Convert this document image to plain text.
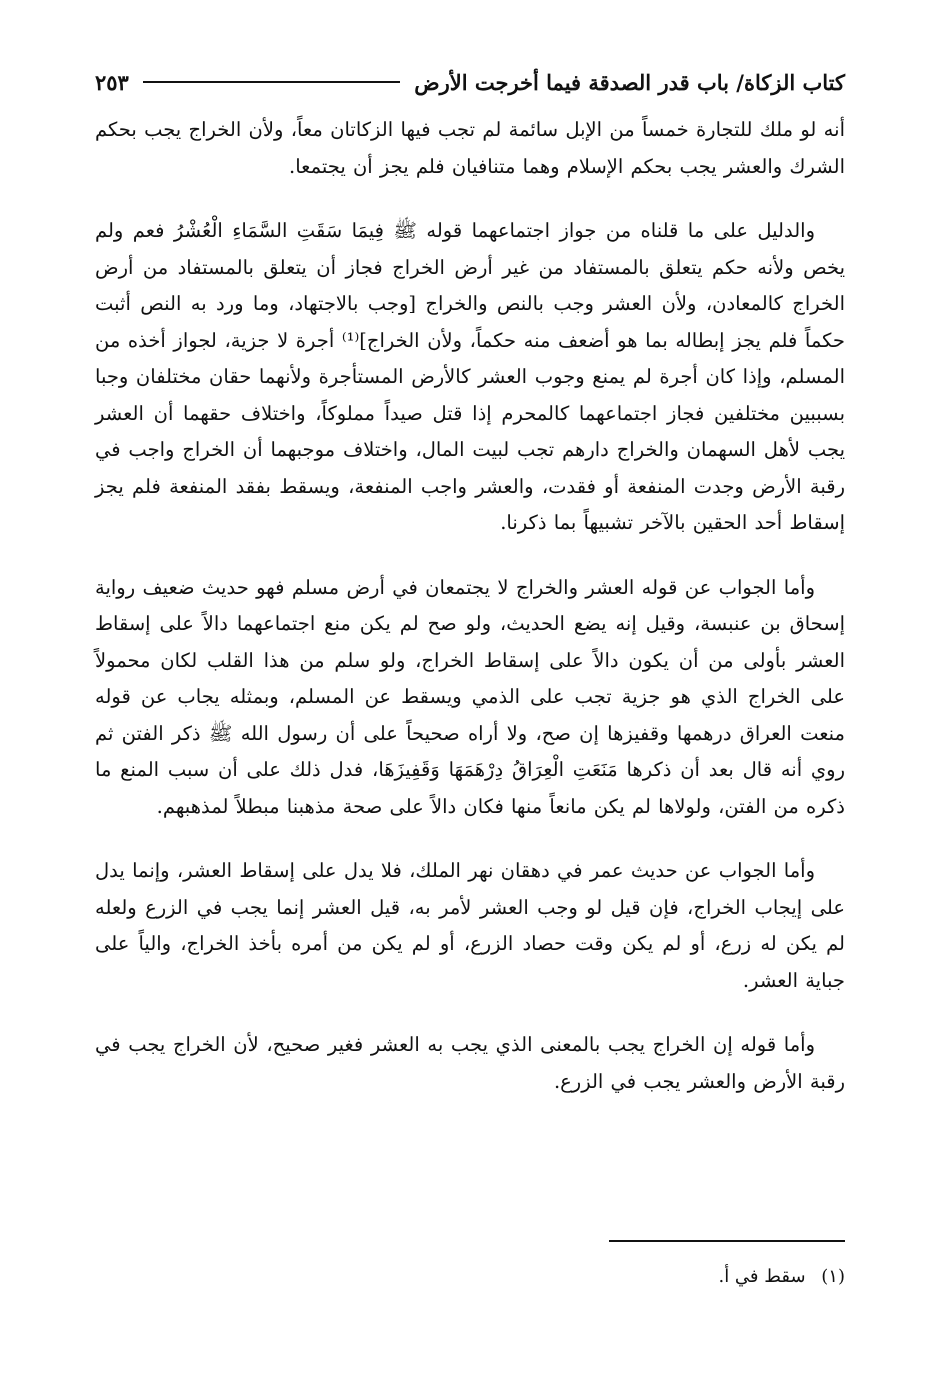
كتاب الزكاة/ باب قدر الصدقة فيما أخرجت الأرض
٢٥٣

أنه لو ملك للتجارة خمساً من الإبل سائمة لم تجب فيها الزكاتان معاً، ولأن الخراج يجب بحكم الشرك والعشر يجب بحكم الإسلام وهما متنافيان فلم يجز أن يجتمعا.

والدليل على ما قلناه من جواز اجتماعهما قوله ﷺ فِيمَا سَقَتِ السَّمَاءِ الْعُشْرُ فعم ولم يخص ولأنه حكم يتعلق بالمستفاد من غير أرض الخراج فجاز أن يتعلق بالمستفاد من أرض الخراج كالمعادن، ولأن العشر وجب بالنص والخراج [وجب بالاجتهاد، وما ورد به النص أثبت حكماً فلم يجز إبطاله بما هو أضعف منه حكماً، ولأن الخراج]⁽¹⁾ أجرة لا جزية، لجواز أخذه من المسلم، وإذا كان أجرة لم يمنع وجوب العشر كالأرض المستأجرة ولأنهما حقان مختلفان وجبا بسببين مختلفين فجاز اجتماعهما كالمحرم إذا قتل صيداً مملوكاً، واختلاف حقهما أن العشر يجب لأهل السهمان والخراج دارهم تجب لبيت المال، واختلاف موجبهما أن الخراج واجب في رقبة الأرض وجدت المنفعة أو فقدت، والعشر واجب المنفعة، ويسقط بفقد المنفعة فلم يجز إسقاط أحد الحقين بالآخر تشبيهاً بما ذكرنا.

وأما الجواب عن قوله العشر والخراج لا يجتمعان في أرض مسلم فهو حديث ضعيف رواية إسحاق بن عنبسة، وقيل إنه يضع الحديث، ولو صح لم يكن منع اجتماعهما دالاً على إسقاط العشر بأولى من أن يكون دالاً على إسقاط الخراج، ولو سلم من هذا القلب لكان محمولاً على الخراج الذي هو جزية تجب على الذمي ويسقط عن المسلم، وبمثله يجاب عن قوله منعت العراق درهمها وقفيزها إن صح، ولا أراه صحيحاً على أن رسول الله ﷺ ذكر الفتن ثم روي أنه قال بعد أن ذكرها مَنَعَتِ الْعِرَاقُ دِرْهَمَهَا وَقَفِيزَهَا، فدل ذلك على أن سبب المنع ما ذكره من الفتن، ولولاها لم يكن مانعاً منها فكان دالاً على صحة مذهبنا مبطلاً لمذهبهم.

وأما الجواب عن حديث عمر في دهقان نهر الملك، فلا يدل على إسقاط العشر، وإنما يدل على إيجاب الخراج، فإن قيل لو وجب العشر لأمر به، قيل العشر إنما يجب في الزرع ولعله لم يكن له زرع، أو لم يكن وقت حصاد الزرع، أو لم يكن من أمره بأخذ الخراج، والياً على جباية العشر.

وأما قوله إن الخراج يجب بالمعنى الذي يجب به العشر فغير صحيح، لأن الخراج يجب في رقبة الأرض والعشر يجب في الزرع.

(١) سقط في أ.
